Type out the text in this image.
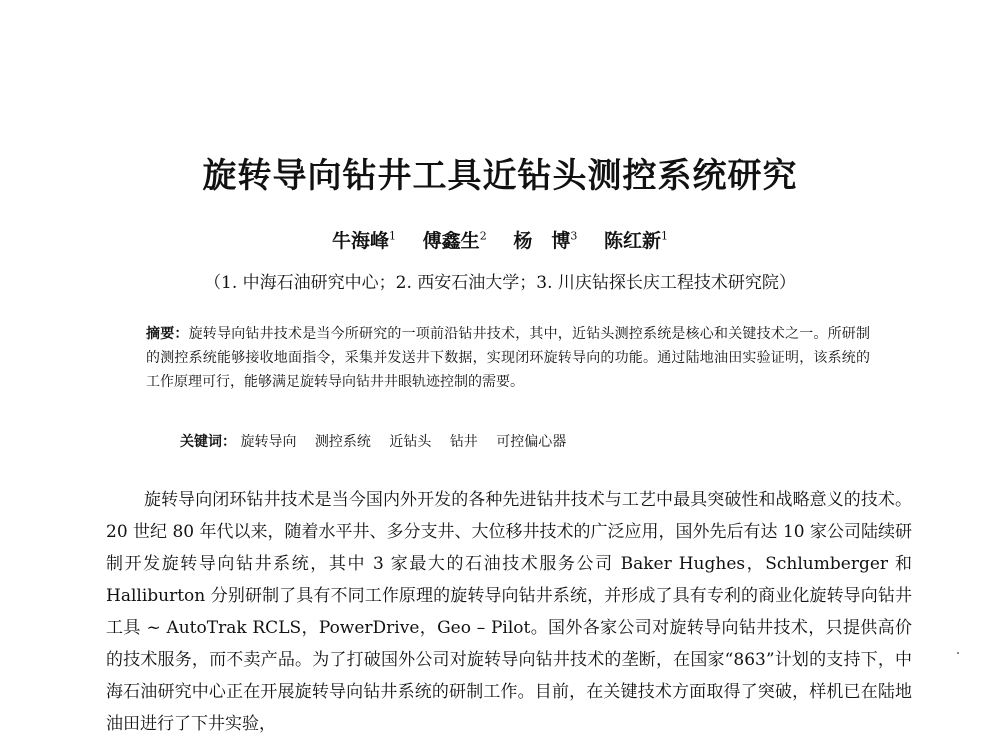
旋转导向钻井工具近钻头测控系统研究
牛海峰$^1$ 傅鑫生$^2$ 杨　博$^3$ 陈红新$^1$
（1. 中海石油研究中心；2. 西安石油大学；3. 川庆钻探长庆工程技术研究院）
摘要：旋转导向钻井技术是当今所研究的一项前沿钻井技术，其中，近钻头测控系统是核心和关键技术之一。所研制的测控系统能够接收地面指令，采集并发送井下数据，实现闭环旋转导向的功能。通过陆地油田实验证明，该系统的工作原理可行，能够满足旋转导向钻井井眼轨迹控制的需要。
关键词： 旋转导向 测控系统 近钻头 钻井 可控偏心器
旋转导向闭环钻井技术是当今国内外开发的各种先进钻井技术与工艺中最具突破性和战略意义的技术。20 世纪 80 年代以来，随着水平井、多分支井、大位移井技术的广泛应用，国外先后有达 10 家公司陆续研制开发旋转导向钻井系统，其中 3 家最大的石油技术服务公司 Baker Hughes，Schlumberger 和 Halliburton 分别研制了具有不同工作原理的旋转导向钻井系统，并形成了具有专利的商业化旋转导向钻井工具 ~ AutoTrak RCLS，PowerDrive，Geo – Pilot。国外各家公司对旋转导向钻井技术，只提供高价的技术服务，而不卖产品。为了打破国外公司对旋转导向钻井技术的垄断，在国家“863”计划的支持下，中海石油研究中心正在开展旋转导向钻井系统的研制工作。目前，在关键技术方面取得了突破，样机已在陆地油田进行了下井实验，
